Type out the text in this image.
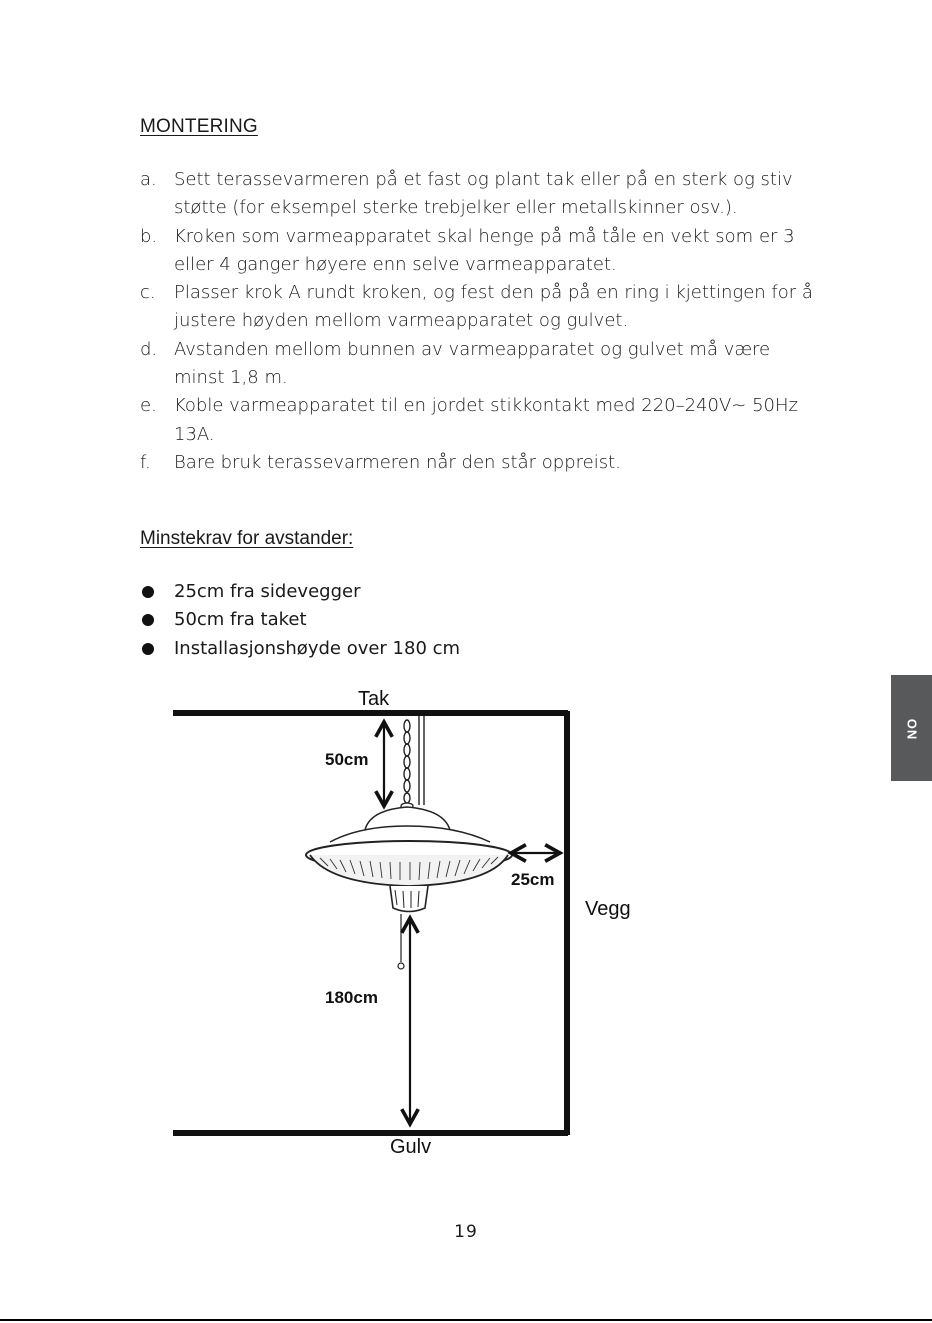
MONTERING
a. Sett terassevarmeren på et fast og plant tak eller på en sterk og stiv støtte (for eksempel sterke trebjelker eller metallskinner osv.).
b. Kroken som varmeapparatet skal henge på må tåle en vekt som er 3 eller 4 ganger høyere enn selve varmeapparatet.
c. Plasser krok A rundt kroken, og fest den på på en ring i kjettingen for å justere høyden mellom varmeapparatet og gulvet.
d. Avstanden mellom bunnen av varmeapparatet og gulvet må være minst 1,8 m.
e. Koble varmeapparatet til en jordet stikkontakt med 220–240V~ 50Hz 13A.
f. Bare bruk terassevarmeren når den står oppreist.
Minstekrav for avstander:
25cm fra sidevegger
50cm fra taket
Installasjonshøyde over 180 cm
Tak
50cm
25cm
Vegg
180cm
Gulv
19
NO
